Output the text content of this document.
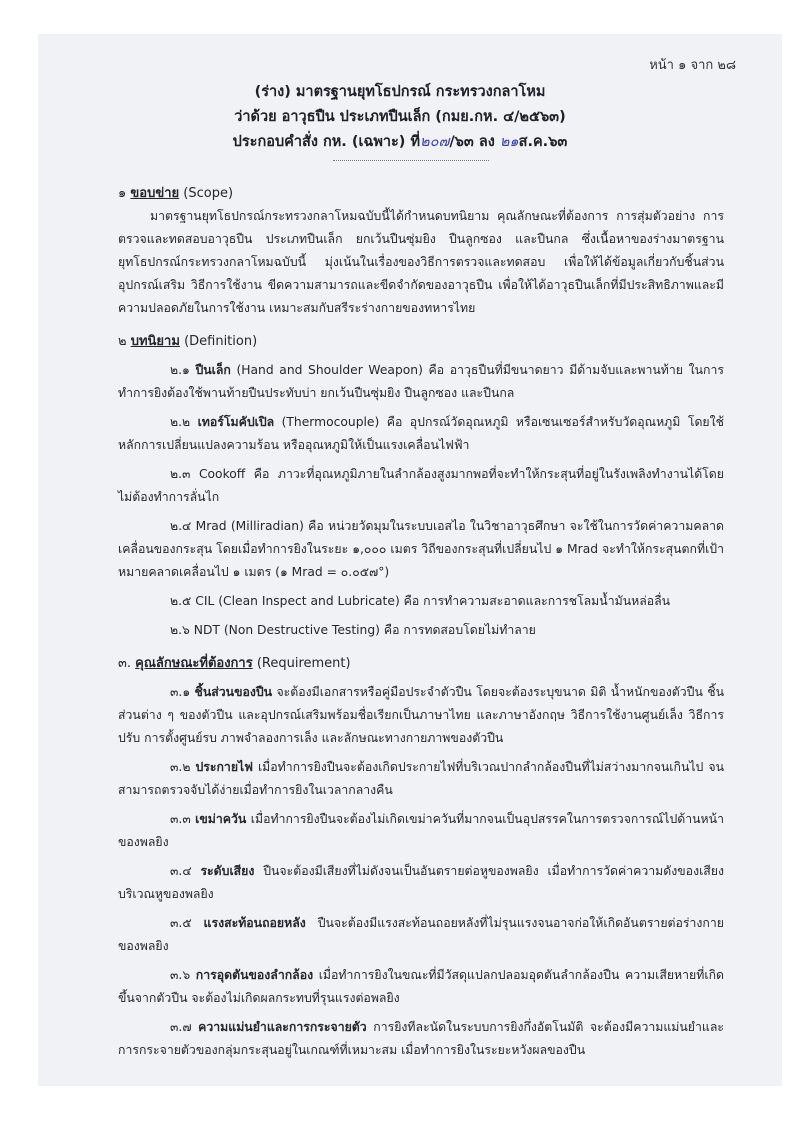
หน้า ๑ จาก ๒๘
(ร่าง) มาตรฐานยุทโธปกรณ์ กระทรวงกลาโหม
ว่าด้วย อาวุธปืน ประเภทปืนเล็ก (กมย.กห. ๔/๒๕๖๓)
ประกอบคำสั่ง กห. (เฉพาะ) ที่๒๐๗/๖๓ ลง ๒๑ส.ค.๖๓
๑ ขอบข่าย (Scope)

มาตรฐานยุทโธปกรณ์กระทรวงกลาโหมฉบับนี้ได้กำหนดบทนิยาม คุณลักษณะที่ต้องการ การสุ่มตัวอย่าง การตรวจและทดสอบอาวุธปืน ประเภทปืนเล็ก ยกเว้นปืนซุ่มยิง ปืนลูกซอง และปืนกล ซึ่งเนื้อหาของร่างมาตรฐานยุทโธปกรณ์กระทรวงกลาโหมฉบับนี้ มุ่งเน้นในเรื่องของวิธีการตรวจและทดสอบ เพื่อให้ได้ข้อมูลเกี่ยวกับชิ้นส่วน อุปกรณ์เสริม วิธีการใช้งาน ขีดความสามารถและขีดจำกัดของอาวุธปืน เพื่อให้ได้อาวุธปืนเล็กที่มีประสิทธิภาพและมีความปลอดภัยในการใช้งาน เหมาะสมกับสรีระร่างกายของทหารไทย

๒ บทนิยาม (Definition)

๒.๑ ปืนเล็ก (Hand and Shoulder Weapon) คือ อาวุธปืนที่มีขนาดยาว มีด้ามจับและพานท้าย ในการทำการยิงต้องใช้พานท้ายปืนประทับบ่า ยกเว้นปืนซุ่มยิง ปืนลูกซอง และปืนกล

๒.๒ เทอร์โมคัปเปิล (Thermocouple) คือ อุปกรณ์วัดอุณหภูมิ หรือเซนเซอร์สำหรับวัดอุณหภูมิ โดยใช้หลักการเปลี่ยนแปลงความร้อน หรืออุณหภูมิให้เป็นแรงเคลื่อนไฟฟ้า

๒.๓ Cookoff คือ ภาวะที่อุณหภูมิภายในลำกล้องสูงมากพอที่จะทำให้กระสุนที่อยู่ในรังเพลิงทำงานได้โดยไม่ต้องทำการลั่นไก

๒.๔ Mrad (Milliradian) คือ หน่วยวัดมุมในระบบเอสไอ ในวิชาอาวุธศึกษา จะใช้ในการวัดค่าความคลาดเคลื่อนของกระสุน โดยเมื่อทำการยิงในระยะ ๑,๐๐๐ เมตร วิถีของกระสุนที่เปลี่ยนไป ๑ Mrad จะทำให้กระสุนตกที่เป้าหมายคลาดเคลื่อนไป ๑ เมตร (๑ Mrad = ๐.๐๕๗°)

๒.๕ CIL (Clean Inspect and Lubricate) คือ การทำความสะอาดและการชโลมน้ำมันหล่อลื่น

๒.๖ NDT (Non Destructive Testing) คือ การทดสอบโดยไม่ทำลาย

๓. คุณลักษณะที่ต้องการ (Requirement)

๓.๑ ชิ้นส่วนของปืน จะต้องมีเอกสารหรือคู่มือประจำตัวปืน โดยจะต้องระบุขนาด มิติ น้ำหนักของตัวปืน ชิ้นส่วนต่าง ๆ ของตัวปืน และอุปกรณ์เสริมพร้อมชื่อเรียกเป็นภาษาไทย และภาษาอังกฤษ วิธีการใช้งานศูนย์เล็ง วิธีการปรับ การตั้งศูนย์รบ ภาพจำลองการเล็ง และลักษณะทางกายภาพของตัวปืน

๓.๒ ประกายไฟ เมื่อทำการยิงปืนจะต้องเกิดประกายไฟที่บริเวณปากลำกล้องปืนที่ไม่สว่างมากจนเกินไป จนสามารถตรวจจับได้ง่ายเมื่อทำการยิงในเวลากลางคืน

๓.๓ เขม่าควัน เมื่อทำการยิงปืนจะต้องไม่เกิดเขม่าควันที่มากจนเป็นอุปสรรคในการตรวจการณ์ไปด้านหน้าของพลยิง

๓.๔ ระดับเสียง ปืนจะต้องมีเสียงที่ไม่ดังจนเป็นอันตรายต่อหูของพลยิง เมื่อทำการวัดค่าความดังของเสียงบริเวณหูของพลยิง

๓.๕ แรงสะท้อนถอยหลัง ปืนจะต้องมีแรงสะท้อนถอยหลังที่ไม่รุนแรงจนอาจก่อให้เกิดอันตรายต่อร่างกายของพลยิง

๓.๖ การอุดตันของลำกล้อง เมื่อทำการยิงในขณะที่มีวัสดุแปลกปลอมอุดตันลำกล้องปืน ความเสียหายที่เกิดขึ้นจากตัวปืน จะต้องไม่เกิดผลกระทบที่รุนแรงต่อพลยิง

๓.๗ ความแม่นยำและการกระจายตัว การยิงทีละนัดในระบบการยิงกึ่งอัตโนมัติ จะต้องมีความแม่นยำและการกระจายตัวของกลุ่มกระสุนอยู่ในเกณฑ์ที่เหมาะสม เมื่อทำการยิงในระยะหวังผลของปืน
